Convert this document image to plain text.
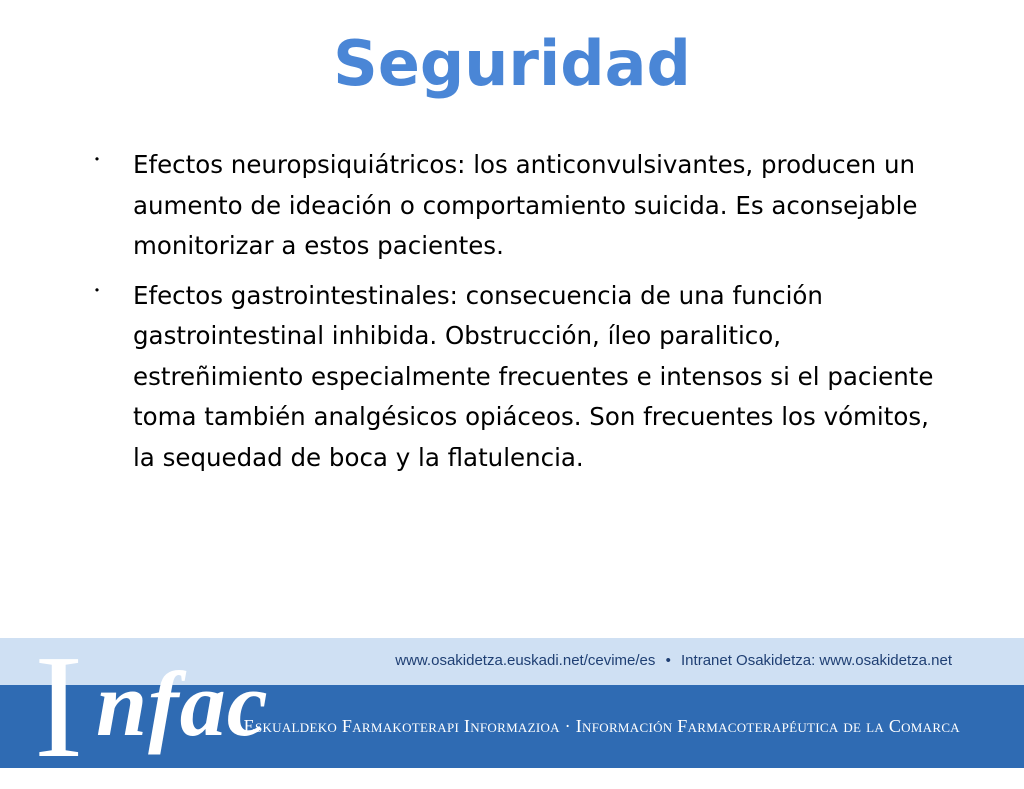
Seguridad
・ Efectos neuropsiquiátricos: los anticonvulsivantes, producen un aumento de ideación o comportamiento suicida. Es aconsejable monitorizar a estos pacientes.
・ Efectos gastrointestinales: consecuencia de una función gastrointestinal inhibida. Obstrucción, íleo paralitico, estreñimiento especialmente frecuentes e intensos si el paciente toma también analgésicos opiáceos. Son frecuentes los vómitos, la sequedad de boca y la flatulencia.
www.osakidetza.euskadi.net/cevime/es • Intranet Osakidetza: www.osakidetza.net
Eskualdeko Farmakoterapi Informazioa · Información Farmacoterapéutica de la Comarca
I nfac
